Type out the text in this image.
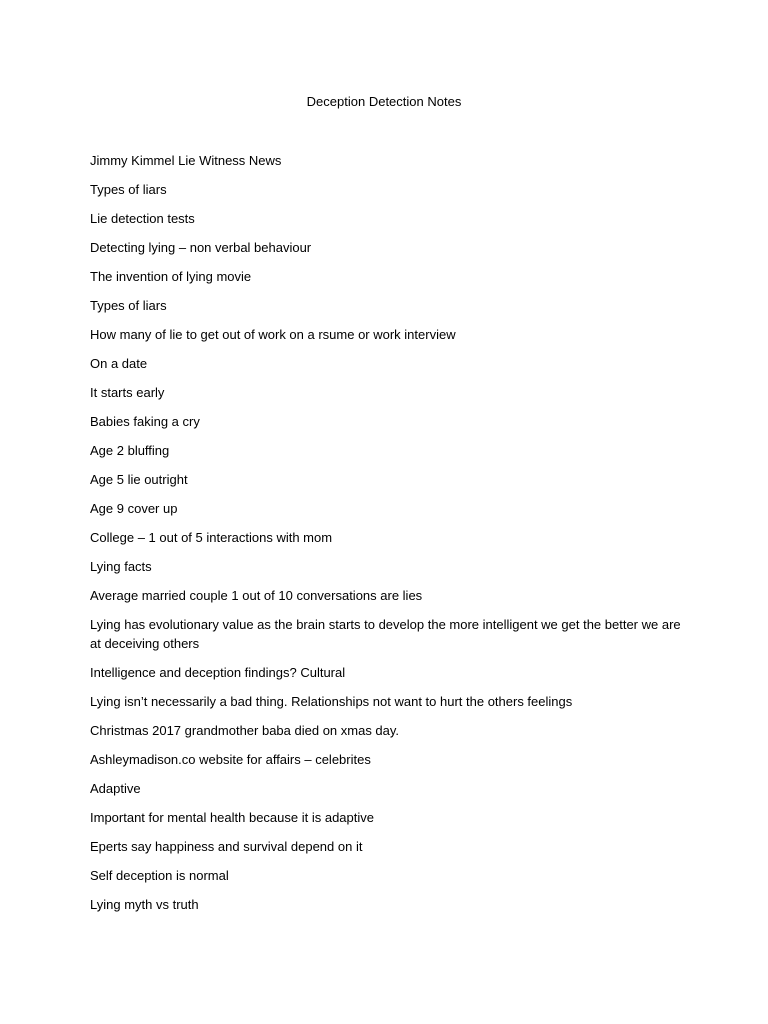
Deception Detection Notes
Jimmy Kimmel Lie Witness News
Types of liars
Lie detection tests
Detecting lying – non verbal behaviour
The invention of lying movie
Types of liars
How many of lie to get out of work on a rsume or work interview
On a date
It starts early
Babies faking a cry
Age 2 bluffing
Age 5 lie outright
Age 9 cover up
College – 1 out of 5 interactions with mom
Lying facts
Average married couple 1 out of 10 conversations are lies
Lying has evolutionary value as the brain starts to develop the more intelligent we get the better we are at deceiving others
Intelligence and deception findings? Cultural
Lying isn’t necessarily a bad thing. Relationships not want to hurt the others feelings
Christmas 2017 grandmother baba died on xmas day.
Ashleymadison.co website for affairs – celebrites
Adaptive
Important for mental health because it is adaptive
Eperts say happiness and survival depend on it
Self deception is normal
Lying myth vs truth
